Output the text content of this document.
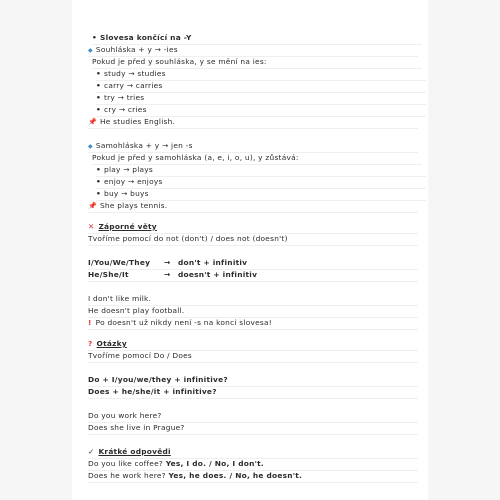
• Slovesa končící na -Y
◆ Souhláska + y → -ies
Pokud je před y souhláska, y se mění na ies:
• study → studies
• carry → carries
• try → tries
• cry → cries
📌 He studies English.
◆ Samohláska + y → jen -s
Pokud je před y samohláska (a, e, i, o, u), y zůstává:
• play → plays
• enjoy → enjoys
• buy → buys
📌 She plays tennis.
✕ Záporné věty
Tvoříme pomocí do not (don't) / does not (doesn't)
I/You/We/They → don't + infinitiv
He/She/It	→ doesn't + infinitiv
I don't like milk.
He doesn't play football.
! Po doesn't už nikdy není -s na konci slovesa!
? Otázky
Tvoříme pomocí Do / Does
Do + I/you/we/they + infinitive?
Does + he/she/it + infinitive?
Do you work here?
Does she live in Prague?
✓ Krátké odpovědi
Do you like coffee? Yes, I do. / No, I don't.
Does he work here? Yes, he does. / No, he doesn't.
